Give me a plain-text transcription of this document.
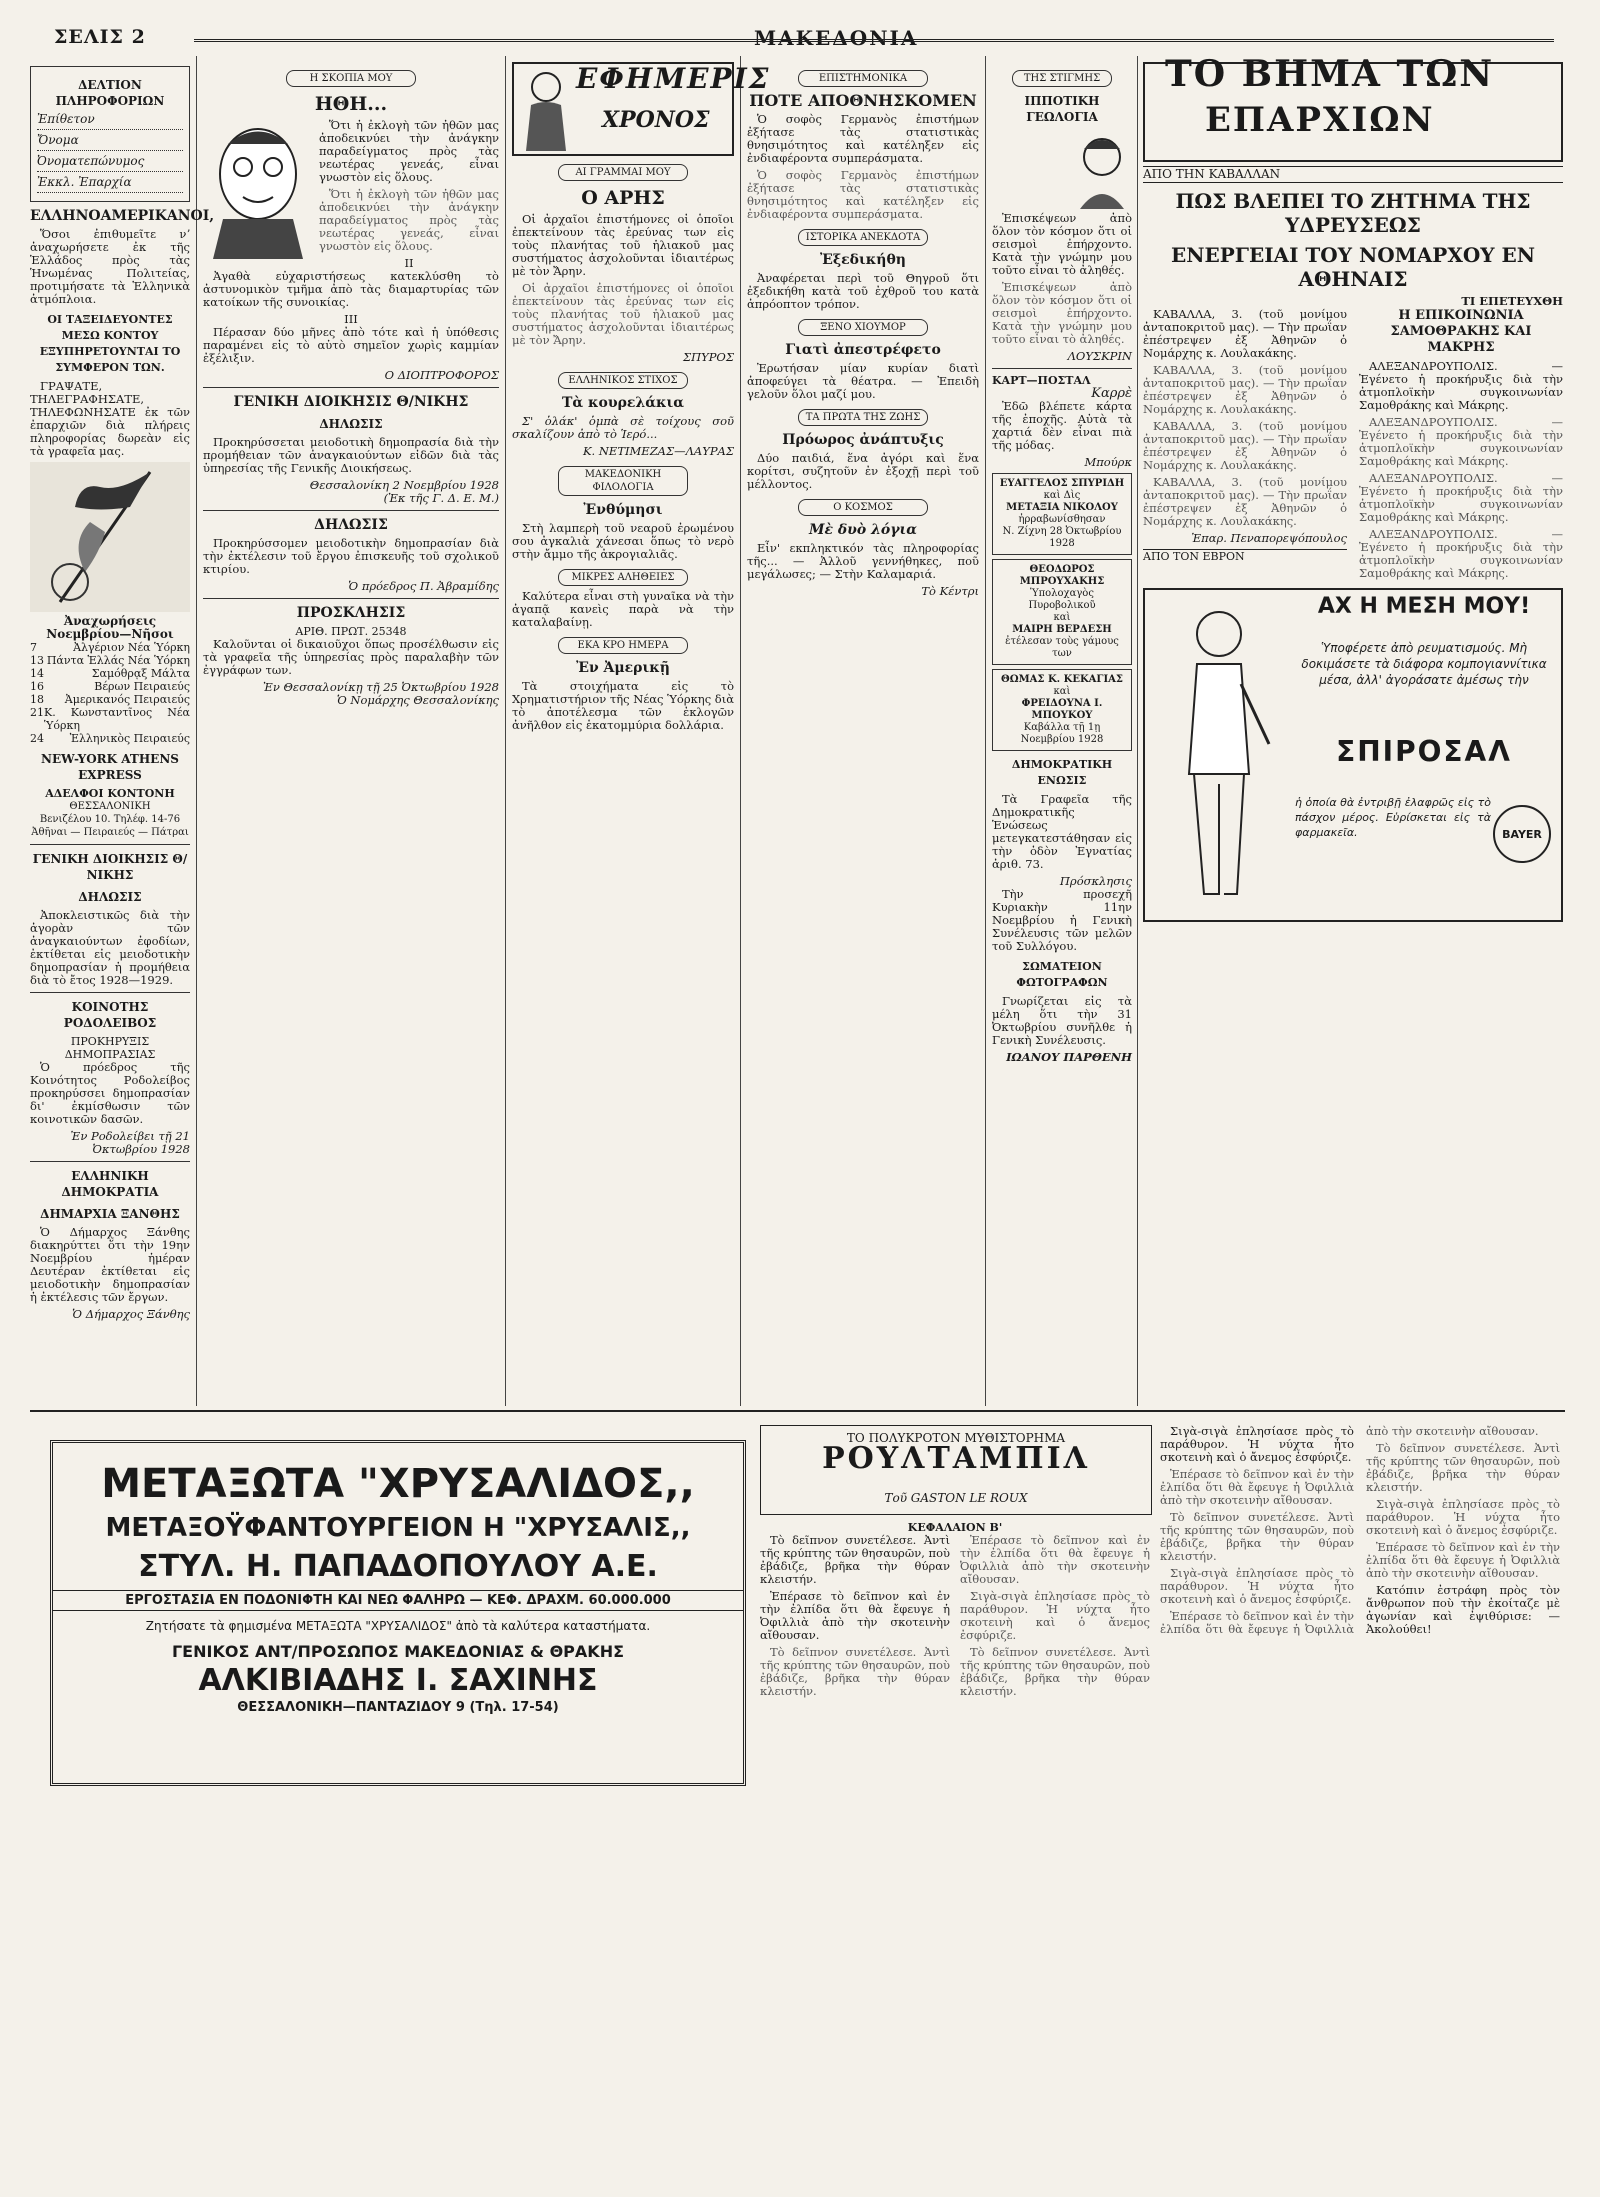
ΣΕΛΙΣ 2	ΜΑΚΕΔΟΝΙΑ
ΔΕΛΤΙΟΝ ΠΛΗΡΟΦΟΡΙΩΝ
Ἐπίθετον
Ὄνομα
Ὀνοματεπώνυμος
Ἐκκλ. Ἐπαρχία
ΕΛΛΗΝΟΑΜΕΡΙΚΑΝΟΙ,

Ὅσοι ἐπιθυμεῖτε νʼ ἀναχωρήσετε ἐκ τῆς Ἑλλάδος πρὸς τὰς Ἡνωμένας Πολιτείας, προτιμήσατε τὰ Ἑλληνικὰ ἀτμόπλοια.

ΟΙ ΤΑΞΕΙΔΕΥΟΝΤΕΣ ΜΕΣΩ ΚΟΝΤΟΥ ΕΞΥΠΗΡΕΤΟΥΝΤΑΙ ΤΟ ΣΥΜΦΕΡΟΝ ΤΩΝ.

ΓΡΑΨΑΤΕ, ΤΗΛΕΓΡΑΦΗΣΑΤΕ, ΤΗΛΕΦΩΝΗΣΑΤΕ ἐκ τῶν ἐπαρχιῶν διὰ πλήρεις πληροφορίας δωρεὰν εἰς τὰ γραφεῖα μας.

Ἀναχωρήσεις Νοεμβρίου—Νῆσοι
7	Ἀλγέριον Νέα Ὑόρκη
13 Πάντα Ἑλλάς Νέα Ὑόρκη
14	Σαμόθρᾳξ Μάλτα
16	Βέρων Πειραιεύς
18 Ἀμερικανός Πειραιεύς
21 Κ. Κωνσταντῖνος Νέα Ὑόρκη
24 Ἑλληνικὸς Πειραιεύς
NEW-YORK ATHENS EXPRESS
ΑΔΕΛΦΟΙ ΚΟΝΤΟΝΗ
ΘΕΣΣΑΛΟΝΙΚΗ
Βενιζέλου 10. Τηλέφ. 14-76
Ἀθῆναι — Πειραιεύς — Πάτραι
ΓΕΝΙΚΗ ΔΙΟΙΚΗΣΙΣ Θ/ΝΙΚΗΣ
ΔΗΛΩΣΙΣ

Ἀποκλειστικῶς διὰ τὴν ἀγορὰν τῶν ἀναγκαιούντων ἐφοδίων, ἐκτίθεται εἰς μειοδοτικὴν δημοπρασίαν ἡ προμήθεια διὰ τὸ ἔτος 1928—1929.

ΚΟΙΝΟΤΗΣ ΡΟΔΟΛΕΙΒΟΣ
ΠΡΟΚΗΡΥΞΙΣ ΔΗΜΟΠΡΑΣΙΑΣ

Ὁ πρόεδρος τῆς Κοινότητος Ροδολείβος προκηρύσσει δημοπρασίαν δι' ἐκμίσθωσιν τῶν κοινοτικῶν δασῶν.

Ἐν Ροδολείβει τῇ 21 Ὀκτωβρίου 1928
ΕΛΛΗΝΙΚΗ ΔΗΜΟΚΡΑΤΙΑ
ΔΗΜΑΡΧΙΑ ΞΑΝΘΗΣ

Ὁ Δήμαρχος Ξάνθης διακηρύττει ὅτι τὴν 19ην Νοεμβρίου ἡμέραν Δευτέραν ἐκτίθεται εἰς μειοδοτικὴν δημοπρασίαν ἡ ἐκτέλεσις τῶν ἔργων.

Ὁ Δήμαρχος Ξάνθης
Η ΣΚΟΠΙΑ ΜΟΥ
ΗΘΗ...

Ὅτι ἡ ἐκλογὴ τῶν ἠθῶν μας ἀποδεικνύει τὴν ἀνάγκην παραδείγματος πρὸς τὰς νεωτέρας γενεάς, εἶναι γνωστὸν εἰς ὅλους.

Ὅτι ἡ ἐκλογὴ τῶν ἠθῶν μας ἀποδεικνύει τὴν ἀνάγκην παραδείγματος πρὸς τὰς νεωτέρας γενεάς, εἶναι γνωστὸν εἰς ὅλους.

ΙΙ

Ἀγαθὰ εὐχαριστήσεως κατεκλύσθη τὸ ἀστυνομικὸν τμῆμα ἀπὸ τὰς διαμαρτυρίας τῶν κατοίκων τῆς συνοικίας.

ΙΙΙ

Πέρασαν δύο μῆνες ἀπὸ τότε καὶ ἡ ὑπόθεσις παραμένει εἰς τὸ αὐτὸ σημεῖον χωρὶς καμμίαν ἐξέλιξιν.

Ο ΔΙΟΠΤΡΟΦΟΡΟΣ
ΓΕΝΙΚΗ ΔΙΟΙΚΗΣΙΣ Θ/ΝΙΚΗΣ
ΔΗΛΩΣΙΣ

Προκηρύσσεται μειοδοτικὴ δημοπρασία διὰ τὴν προμήθειαν τῶν ἀναγκαιούντων εἰδῶν διὰ τὰς ὑπηρεσίας τῆς Γενικῆς Διοικήσεως.

Θεσσαλονίκη 2 Νοεμβρίου 1928
(Ἐκ τῆς Γ. Δ. Ε. Μ.)
ΔΗΛΩΣΙΣ

Προκηρύσσομεν μειοδοτικὴν δημοπρασίαν διὰ τὴν ἐκτέλεσιν τοῦ ἔργου ἐπισκευῆς τοῦ σχολικοῦ κτιρίου.

Ὁ πρόεδρος Π. Ἀβραμίδης
ΠΡΟΣΚΛΗΣΙΣ
ΑΡΙΘ. ΠΡΩΤ. 25348

Καλοῦνται οἱ δικαιοῦχοι ὅπως προσέλθωσιν εἰς τὰ γραφεῖα τῆς ὑπηρεσίας πρὸς παραλαβὴν τῶν ἐγγράφων των.

Ἐν Θεσσαλονίκῃ τῇ 25 Ὀκτωβρίου 1928
Ὁ Νομάρχης Θεσσαλονίκης
ΕΦΗΜΕΡΙΣ
ΧΡΟΝΟΣ
ΑΙ ΓΡΑΜΜΑΙ ΜΟΥ
Ο ΑΡΗΣ

Οἱ ἀρχαῖοι ἐπιστήμονες οἱ ὁποῖοι ἐπεκτείνουν τὰς ἐρεύνας των εἰς τοὺς πλανήτας τοῦ ἡλιακοῦ μας συστήματος ἀσχολοῦνται ἰδιαιτέρως μὲ τὸν Ἄρην.

Οἱ ἀρχαῖοι ἐπιστήμονες οἱ ὁποῖοι ἐπεκτείνουν τὰς ἐρεύνας των εἰς τοὺς πλανήτας τοῦ ἡλιακοῦ μας συστήματος ἀσχολοῦνται ἰδιαιτέρως μὲ τὸν Ἄρην.

ΣΠΥΡΟΣ
ΕΛΛΗΝΙΚΟΣ ΣΤΙΧΟΣ
Τὰ κουρελάκια

Σ' ὁλάκ' ὁμπὰ σὲ τοίχους σοῦ σκαλίζουν ἀπὸ τὸ Ἱερό...

Κ. ΝΕΤΙΜΕΖΑΣ—ΛΑΥΡΑΣ
ΜΑΚΕΔΟΝΙΚΗ ΦΙΛΟΛΟΓΙΑ
Ἐνθύμησι

Στὴ λαμπερὴ τοῦ νεαροῦ ἐρωμένου σου ἀγκαλιὰ χάνεσαι ὅπως τὸ νερὸ στὴν ἄμμο τῆς ἀκρογιαλιᾶς.

ΜΙΚΡΕΣ ΑΛΗΘΕΙΕΣ

Καλύτερα εἶναι στὴ γυναῖκα νὰ τὴν ἀγαπᾷ κανεὶς παρὰ νὰ τὴν καταλαβαίνῃ.

ΕΚΑ ΚΡΟ ΗΜΕΡΑ
Ἐν Ἀμερικῇ

Τὰ στοιχήματα εἰς τὸ Χρηματιστήριον τῆς Νέας Ὑόρκης διὰ τὸ ἀποτέλεσμα τῶν ἐκλογῶν ἀνῆλθον εἰς ἑκατομμύρια δολλάρια.

ΕΠΙΣΤΗΜΟΝΙΚΑ
ΠΟΤΕ ΑΠΟΘΝΗΣΚΟΜΕΝ

Ὁ σοφὸς Γερμανὸς ἐπιστήμων ἐξήτασε τὰς στατιστικὰς θνησιμότητος καὶ κατέληξεν εἰς ἐνδιαφέροντα συμπεράσματα.

Ὁ σοφὸς Γερμανὸς ἐπιστήμων ἐξήτασε τὰς στατιστικὰς θνησιμότητος καὶ κατέληξεν εἰς ἐνδιαφέροντα συμπεράσματα.

ΙΣΤΟΡΙΚΑ ΑΝΕΚΔΟΤΑ
Ἐξεδικήθη

Ἀναφέρεται περὶ τοῦ Θηγροῦ ὅτι ἐξεδικήθη κατὰ τοῦ ἐχθροῦ του κατὰ ἀπρόοπτον τρόπον.

ΞΕΝΟ ΧΙΟΥΜΟΡ
Γιατὶ ἀπεστρέφετο

Ἐρωτήσαν μίαν κυρίαν διατὶ ἀποφεύγει τὰ θέατρα. — Ἐπειδὴ γελοῦν ὅλοι μαζί μου.

ΤΑ ΠΡΩΤΑ ΤΗΣ ΖΩΗΣ
Πρόωρος ἀνάπτυξις

Δύο παιδιά, ἕνα ἀγόρι καὶ ἕνα κορίτσι, συζητοῦν ἐν ἐξοχῇ περὶ τοῦ μέλλοντος.

Ο ΚΟΣΜΟΣ
Μὲ δυὸ λόγια

Εἶν' εκπληκτικόν τὰς πληροφορίας τῆς... — Ἀλλοῦ γεννήθηκες, ποῦ μεγάλωσες; — Στὴν Καλαμαριά.

Τὸ Κέντρι
ΤΗΣ ΣΤΙΓΜΗΣ
ΙΠΠΟΤΙΚΗ ΓΕΩΛΟΓΙΑ

Ἐπισκέψεων ἀπὸ ὅλον τὸν κόσμον ὅτι οἱ σεισμοὶ ἐπήρχοντο. Κατὰ τὴν γνώμην μου τοῦτο εἶναι τὸ ἀληθές.

Ἐπισκέψεων ἀπὸ ὅλον τὸν κόσμον ὅτι οἱ σεισμοὶ ἐπήρχοντο. Κατὰ τὴν γνώμην μου τοῦτο εἶναι τὸ ἀληθές.

ΛΟΥΣΚΡΙΝ
ΚΑΡΤ—ΠΟΣΤΑΛ
Καρρὲ

Ἐδῶ βλέπετε κάρτα τῆς ἐποχῆς. Αὐτὰ τὰ χαρτιά δὲν εἶναι πιὰ τῆς μόδας.

Μπούρκ
ΕΥΑΓΓΕΛΟΣ ΣΠΥΡΙΔΗ
καὶ Δὶς
ΜΕΤΑΞΙΑ ΝΙΚΟΛΟΥ
ἠρραβωνίσθησαν
Ν. Ζίχνη 28 Ὀκτωβρίου 1928
ΘΕΟΔΩΡΟΣ ΜΠΡΟΥΧΑΚΗΣ
Ὑπολοχαγὸς Πυροβολικοῦ
καὶ
ΜΑΙΡΗ ΒΕΡΔΕΣΗ
ἐτέλεσαν τοὺς γάμους των
ΘΩΜΑΣ Κ. ΚΕΚΑΓΙΑΣ
καὶ
ΦΡΕΙΔΟΥΝΑ Ι. ΜΠΟΥΚΟΥ
Καβάλλα τῇ 1ῃ Νοεμβρίου 1928
ΔΗΜΟΚΡΑΤΙΚΗ ΕΝΩΣΙΣ

Τὰ Γραφεῖα τῆς Δημοκρατικῆς Ἑνώσεως μετεγκατεστάθησαν εἰς τὴν ὁδὸν Ἐγνατίας ἀριθ. 73.

Πρόσκλησις

Τὴν προσεχῆ Κυριακὴν 11ην Νοεμβρίου ἡ Γενικὴ Συνέλευσις τῶν μελῶν τοῦ Συλλόγου.

ΣΩΜΑΤΕΙΟΝ ΦΩΤΟΓΡΑΦΩΝ

Γνωρίζεται εἰς τὰ μέλη ὅτι τὴν 31 Ὀκτωβρίου συνῆλθε ἡ Γενικὴ Συνέλευσις.

ΙΩΑΝΟΥ ΠΑΡΘΕΝΗ
ΤΟ ΒΗΜΑ ΤΩΝ
ΕΠΑΡΧΙΩΝ
ΑΠΟ ΤΗΝ ΚΑΒΑΛΛΑΝ
ΠΩΣ ΒΛΕΠΕΙ ΤΟ ΖΗΤΗΜΑ ΤΗΣ ΥΔΡΕΥΣΕΩΣ
ΕΝΕΡΓΕΙΑΙ ΤΟΥ ΝΟΜΑΡΧΟΥ ΕΝ ΑΘΗΝΑΙΣ
ΤΙ ΕΠΕΤΕΥΧΘΗ

ΚΑΒΑΛΛΑ, 3. (τοῦ μονίμου ἀνταποκριτοῦ μας). — Τὴν πρωΐαν ἐπέστρεψεν ἐξ Ἀθηνῶν ὁ Νομάρχης κ. Λουλακάκης.

ΚΑΒΑΛΛΑ, 3. (τοῦ μονίμου ἀνταποκριτοῦ μας). — Τὴν πρωΐαν ἐπέστρεψεν ἐξ Ἀθηνῶν ὁ Νομάρχης κ. Λουλακάκης.

ΚΑΒΑΛΛΑ, 3. (τοῦ μονίμου ἀνταποκριτοῦ μας). — Τὴν πρωΐαν ἐπέστρεψεν ἐξ Ἀθηνῶν ὁ Νομάρχης κ. Λουλακάκης.

ΚΑΒΑΛΛΑ, 3. (τοῦ μονίμου ἀνταποκριτοῦ μας). — Τὴν πρωΐαν ἐπέστρεψεν ἐξ Ἀθηνῶν ὁ Νομάρχης κ. Λουλακάκης.

Ἐπαρ. Πεναπορεψόπουλος
ΑΠΟ ΤΟΝ ΕΒΡΟΝ
Η ΕΠΙΚΟΙΝΩΝΙΑ ΣΑΜΟΘΡΑΚΗΣ ΚΑΙ ΜΑΚΡΗΣ

ΑΛΕΞΑΝΔΡΟΥΠΟΛΙΣ. — Ἐγένετο ἡ προκήρυξις διὰ τὴν ἀτμοπλοϊκὴν συγκοινωνίαν Σαμοθράκης καὶ Μάκρης.

ΑΛΕΞΑΝΔΡΟΥΠΟΛΙΣ. — Ἐγένετο ἡ προκήρυξις διὰ τὴν ἀτμοπλοϊκὴν συγκοινωνίαν Σαμοθράκης καὶ Μάκρης.

ΑΛΕΞΑΝΔΡΟΥΠΟΛΙΣ. — Ἐγένετο ἡ προκήρυξις διὰ τὴν ἀτμοπλοϊκὴν συγκοινωνίαν Σαμοθράκης καὶ Μάκρης.

ΑΛΕΞΑΝΔΡΟΥΠΟΛΙΣ. — Ἐγένετο ἡ προκήρυξις διὰ τὴν ἀτμοπλοϊκὴν συγκοινωνίαν Σαμοθράκης καὶ Μάκρης.

ΑΧ Η ΜΕΣΗ ΜΟΥ!
Ὑποφέρετε ἀπὸ ρευματισμούς. Μὴ δοκιμάσετε τὰ διάφορα κομπογιαννίτικα μέσα, ἀλλ' ἀγοράσατε ἀμέσως τὴν
ΣΠΙΡΟΣΑΛ
ἡ ὁποία θὰ ἐντριβῇ ἐλαφρῶς εἰς τὸ πάσχον μέρος. Εὑρίσκεται εἰς τὰ φαρμακεῖα.	BAYER
ΜΕΤΑΞΩΤΑ "ΧΡΥΣΑΛΙΔΟΣ,,
ΜΕΤΑΞΟΫΦΑΝΤΟΥΡΓΕΙΟΝ Η "ΧΡΥΣΑΛΙΣ,,
ΣΤΥΛ. Η. ΠΑΠΑΔΟΠΟΥΛΟΥ Α.Ε.
ΕΡΓΟΣΤΑΣΙΑ ΕΝ ΠΟΔΟΝΙΦΤΗ ΚΑΙ ΝΕΩ ΦΑΛΗΡΩ — ΚΕΦ. ΔΡΑΧΜ. 60.000.000
Ζητήσατε τὰ φημισμένα ΜΕΤΑΞΩΤΑ "ΧΡΥΣΑΛΙΔΟΣ" ἀπὸ τὰ καλύτερα καταστήματα.
ΓΕΝΙΚΟΣ ΑΝΤ/ΠΡΟΣΩΠΟΣ ΜΑΚΕΔΟΝΙΑΣ & ΘΡΑΚΗΣ
ΑΛΚΙΒΙΑΔΗΣ Ι. ΣΑΧΙΝΗΣ
ΘΕΣΣΑΛΟΝΙΚΗ—ΠΑΝΤΑΖΙΔΟΥ 9 (Τηλ. 17-54)
ΤΟ ΠΟΛΥΚΡΟΤΟΝ ΜΥΘΙΣΤΟΡΗΜΑ
ΡΟΥΛΤΑΜΠΙΛ
Τοῦ GASTON LE ROUX

Σιγὰ-σιγὰ ἐπλησίασε πρὸς τὸ παράθυρον. Ἡ νύχτα ἦτο σκοτεινὴ καὶ ὁ ἄνεμος ἐσφύριζε.

Ἐπέρασε τὸ δεῖπνον καὶ ἐν τὴν ἐλπίδα ὅτι θὰ ἔφευγε ἡ Ὀφιλλιὰ ἀπὸ τὴν σκοτεινὴν αἴθουσαν.

Τὸ δεῖπνον συνετέλεσε. Ἀντὶ τῆς κρύπτης τῶν θησαυρῶν, ποὺ ἐβάδιζε, βρῆκα τὴν θύραν κλειστήν.

Σιγὰ-σιγὰ ἐπλησίασε πρὸς τὸ παράθυρον. Ἡ νύχτα ἦτο σκοτεινὴ καὶ ὁ ἄνεμος ἐσφύριζε.

Ἐπέρασε τὸ δεῖπνον καὶ ἐν τὴν ἐλπίδα ὅτι θὰ ἔφευγε ἡ Ὀφιλλιὰ ἀπὸ τὴν σκοτεινὴν αἴθουσαν.

Τὸ δεῖπνον συνετέλεσε. Ἀντὶ τῆς κρύπτης τῶν θησαυρῶν, ποὺ ἐβάδιζε, βρῆκα τὴν θύραν κλειστήν.

Σιγὰ-σιγὰ ἐπλησίασε πρὸς τὸ παράθυρον. Ἡ νύχτα ἦτο σκοτεινὴ καὶ ὁ ἄνεμος ἐσφύριζε.

Ἐπέρασε τὸ δεῖπνον καὶ ἐν τὴν ἐλπίδα ὅτι θὰ ἔφευγε ἡ Ὀφιλλιὰ ἀπὸ τὴν σκοτεινὴν αἴθουσαν.

Κατόπιν ἐστράφη πρὸς τὸν ἄνθρωπον ποὺ τὴν ἐκοίταζε μὲ ἀγωνίαν καὶ ἐψιθύρισε: — Ἀκολούθει!

ΚΕΦΑΛΑΙΟΝ Β'

Τὸ δεῖπνον συνετέλεσε. Ἀντὶ τῆς κρύπτης τῶν θησαυρῶν, ποὺ ἐβάδιζε, βρῆκα τὴν θύραν κλειστήν.

Ἐπέρασε τὸ δεῖπνον καὶ ἐν τὴν ἐλπίδα ὅτι θὰ ἔφευγε ἡ Ὀφιλλιὰ ἀπὸ τὴν σκοτεινὴν αἴθουσαν.

Τὸ δεῖπνον συνετέλεσε. Ἀντὶ τῆς κρύπτης τῶν θησαυρῶν, ποὺ ἐβάδιζε, βρῆκα τὴν θύραν κλειστήν.

Ἐπέρασε τὸ δεῖπνον καὶ ἐν τὴν ἐλπίδα ὅτι θὰ ἔφευγε ἡ Ὀφιλλιὰ ἀπὸ τὴν σκοτεινὴν αἴθουσαν.

Σιγὰ-σιγὰ ἐπλησίασε πρὸς τὸ παράθυρον. Ἡ νύχτα ἦτο σκοτεινὴ καὶ ὁ ἄνεμος ἐσφύριζε.

Τὸ δεῖπνον συνετέλεσε. Ἀντὶ τῆς κρύπτης τῶν θησαυρῶν, ποὺ ἐβάδιζε, βρῆκα τὴν θύραν κλειστήν.
